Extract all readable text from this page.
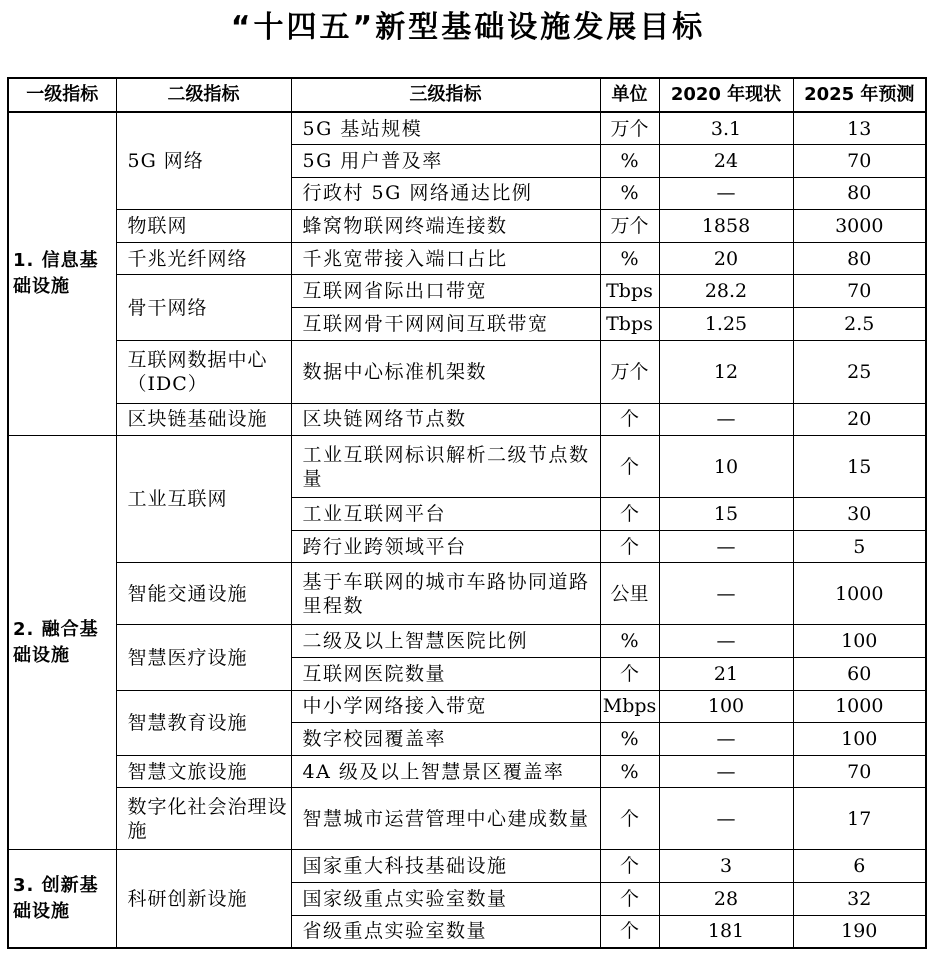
“十四五”新型基础设施发展目标
一级指标	二级指标	三级指标	单位	2020 年现状	2025 年预测
1. 信息基础设施	5G 网络	5G 基站规模	万个	3.1	13
		5G 用户普及率	%	24	70
		行政村 5G 网络通达比例	%	—	80
	物联网	蜂窝物联网终端连接数	万个	1858	3000
	千兆光纤网络	千兆宽带接入端口占比	%	20	80
	骨干网络	互联网省际出口带宽	Tbps	28.2	70
		互联网骨干网网间互联带宽	Tbps	1.25	2.5
	互联网数据中心（IDC）	数据中心标准机架数	万个	12	25
	区块链基础设施	区块链网络节点数	个	—	20
2. 融合基础设施	工业互联网	工业互联网标识解析二级节点数量	个	10	15
		工业互联网平台	个	15	30
		跨行业跨领域平台	个	—	5
	智能交通设施	基于车联网的城市车路协同道路里程数	公里	—	1000
	智慧医疗设施	二级及以上智慧医院比例	%	—	100
		互联网医院数量	个	21	60
	智慧教育设施	中小学网络接入带宽	Mbps	100	1000
		数字校园覆盖率	%	—	100
	智慧文旅设施	4A 级及以上智慧景区覆盖率	%	—	70
	数字化社会治理设施	智慧城市运营管理中心建成数量	个	—	17
3. 创新基础设施	科研创新设施	国家重大科技基础设施	个	3	6
		国家级重点实验室数量	个	28	32
		省级重点实验室数量	个	181	190
